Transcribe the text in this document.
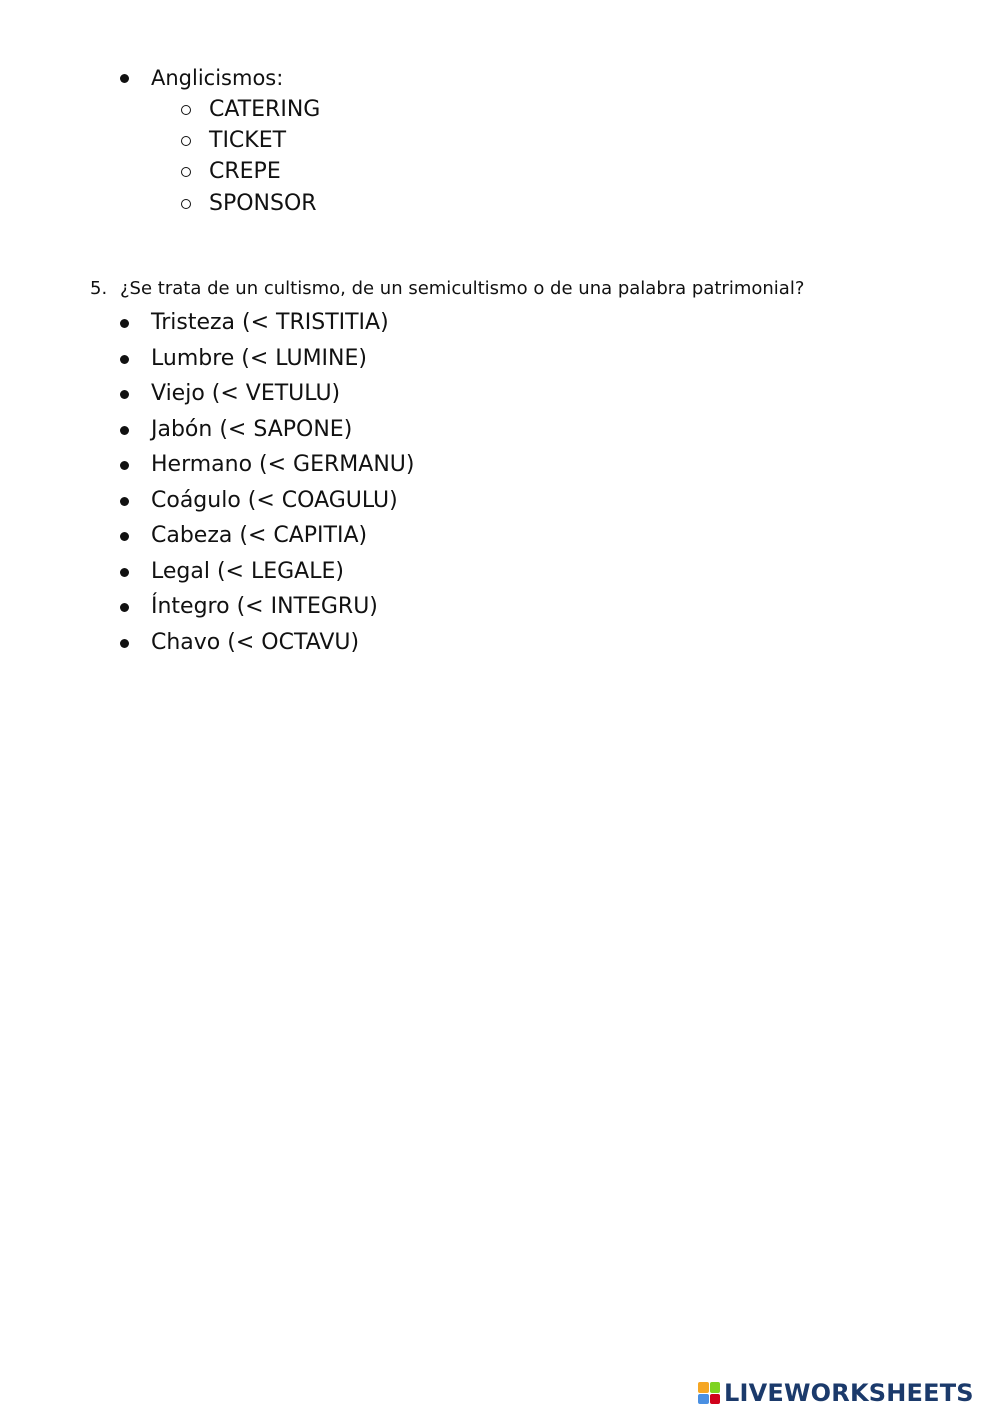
Anglicismos:
CATERING
TICKET
CREPE
SPONSOR
5. ¿Se trata de un cultismo, de un semicultismo o de una palabra patrimonial?
Tristeza (< TRISTITIA)
Lumbre (< LUMINE)
Viejo (< VETULU)
Jabón (< SAPONE)
Hermano (< GERMANU)
Coágulo (< COAGULU)
Cabeza (< CAPITIA)
Legal (< LEGALE)
Íntegro (< INTEGRU)
Chavo (< OCTAVU)
LIVEWORKSHEETS
